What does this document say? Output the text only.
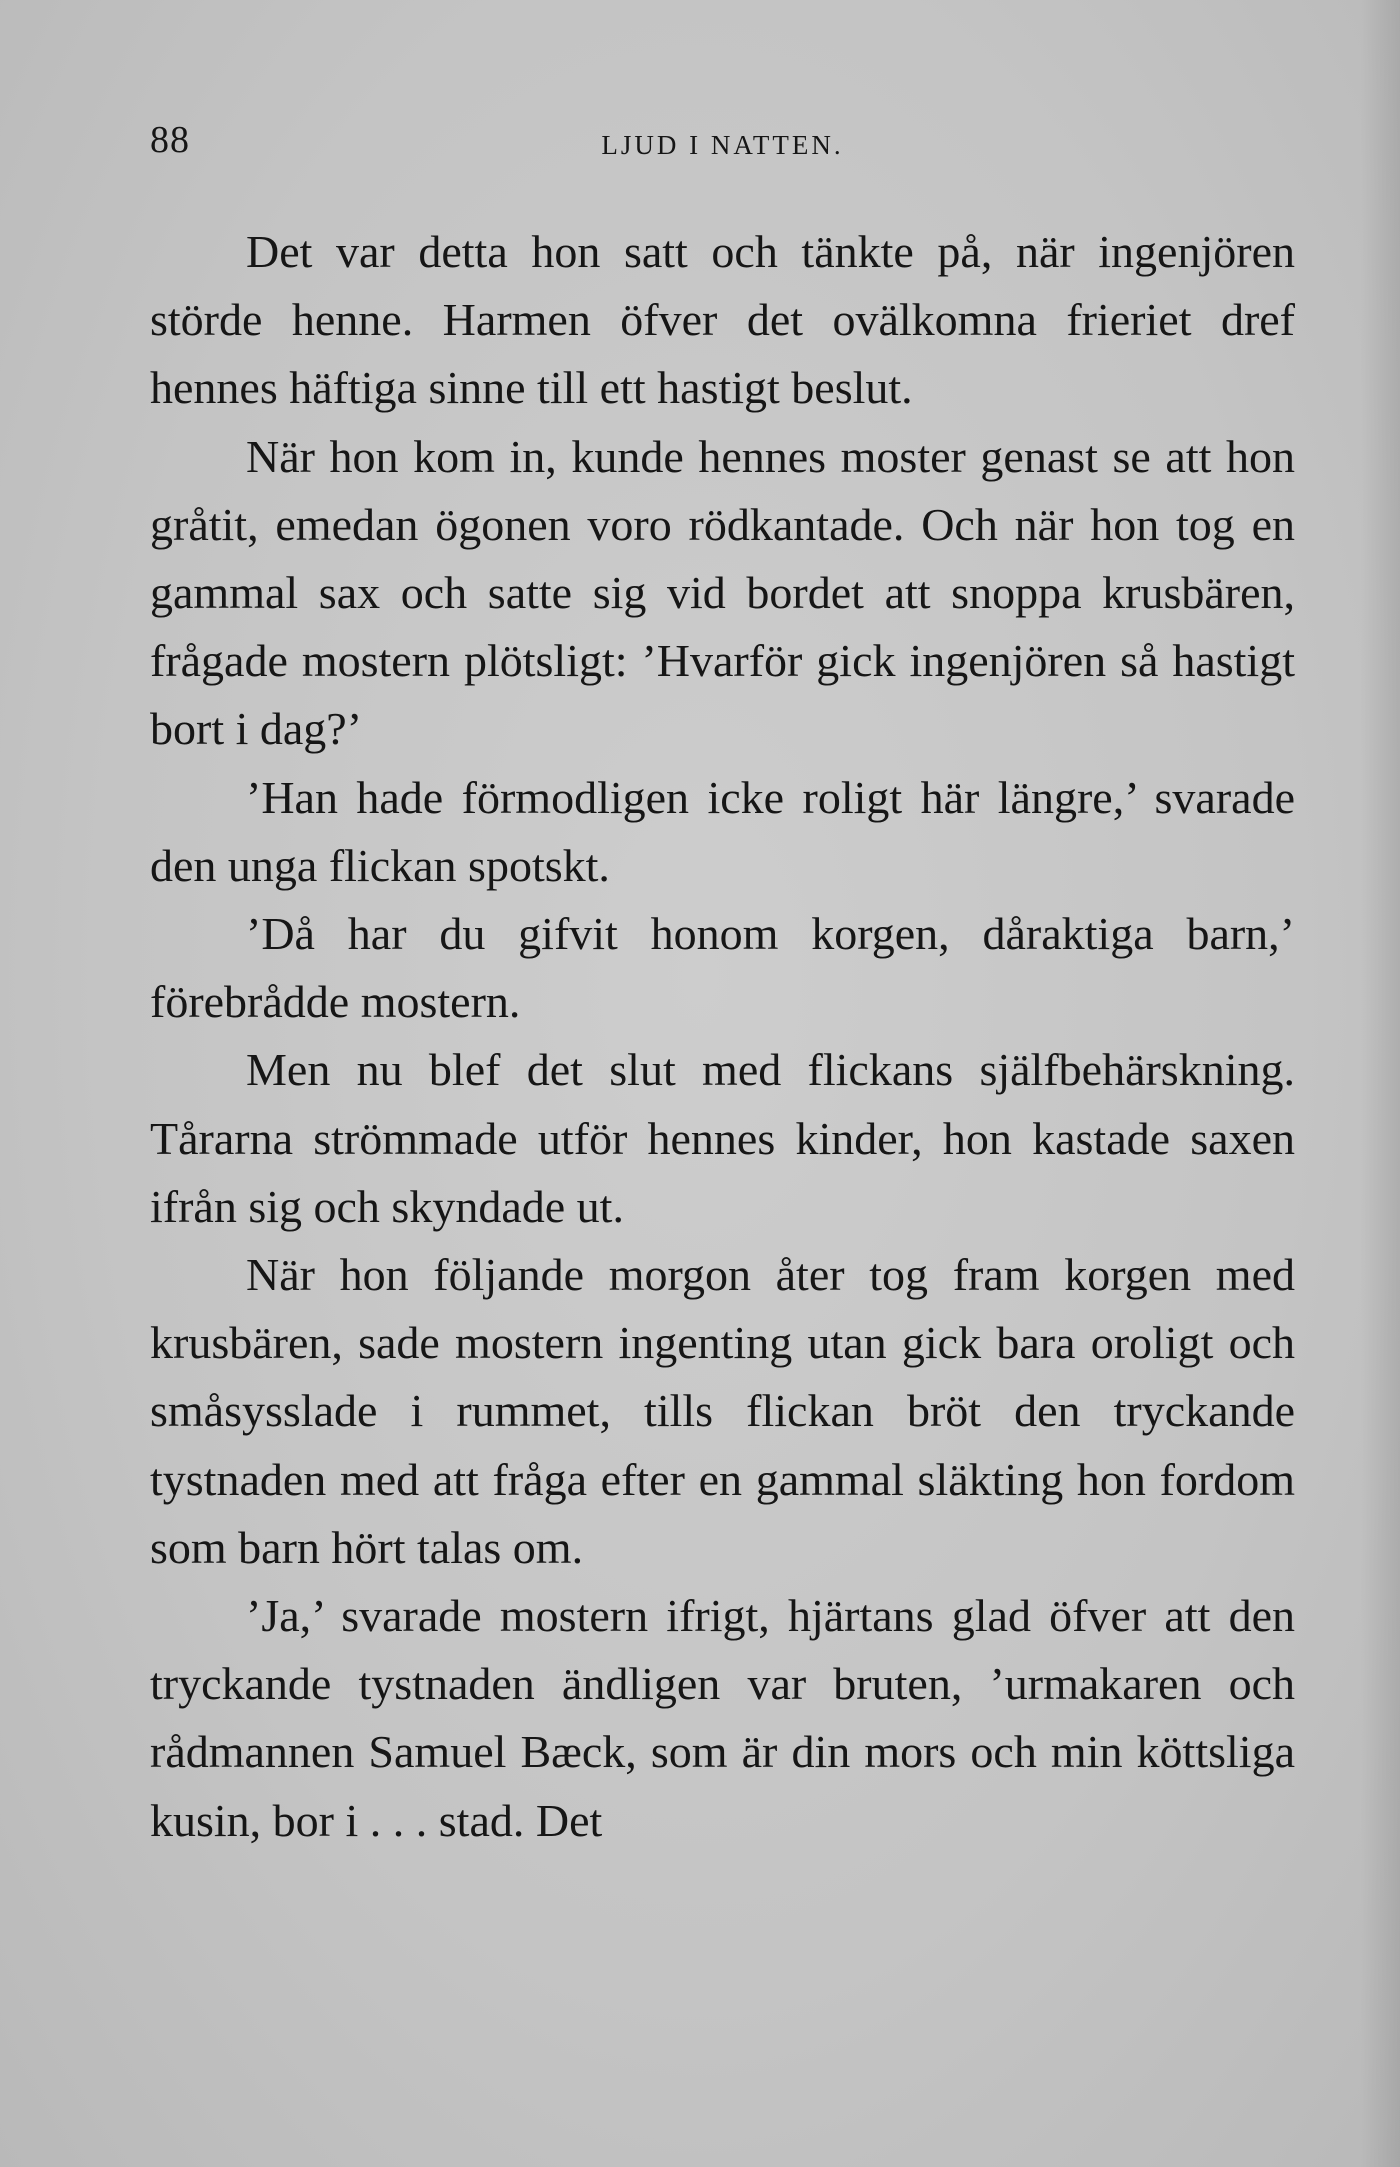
88	LJUD I NATTEN.

Det var detta hon satt och tänkte på, när ingenjören störde henne. Harmen öfver det ovälkomna frieriet dref hennes häftiga sinne till ett hastigt beslut.

När hon kom in, kunde hennes moster genast se att hon gråtit, emedan ögonen voro rödkantade. Och när hon tog en gammal sax och satte sig vid bordet att snoppa krusbären, frågade mostern plötsligt: ’Hvarför gick ingenjören så hastigt bort i dag?’

’Han hade förmodligen icke roligt här längre,’ svarade den unga flickan spotskt.

’Då har du gifvit honom korgen, dåraktiga barn,’ förebrådde mostern.

Men nu blef det slut med flickans själfbehärskning. Tårarna strömmade utför hennes kinder, hon kastade saxen ifrån sig och skyndade ut.

När hon följande morgon åter tog fram korgen med krusbären, sade mostern ingenting utan gick bara oroligt och småsysslade i rummet, tills flickan bröt den tryckande tystnaden med att fråga efter en gammal släkting hon fordom som barn hört talas om.

’Ja,’ svarade mostern ifrigt, hjärtans glad öfver att den tryckande tystnaden ändligen var bruten, ’urmakaren och rådmannen Samuel Bæck, som är din mors och min köttsliga kusin, bor i . . . stad. Det
